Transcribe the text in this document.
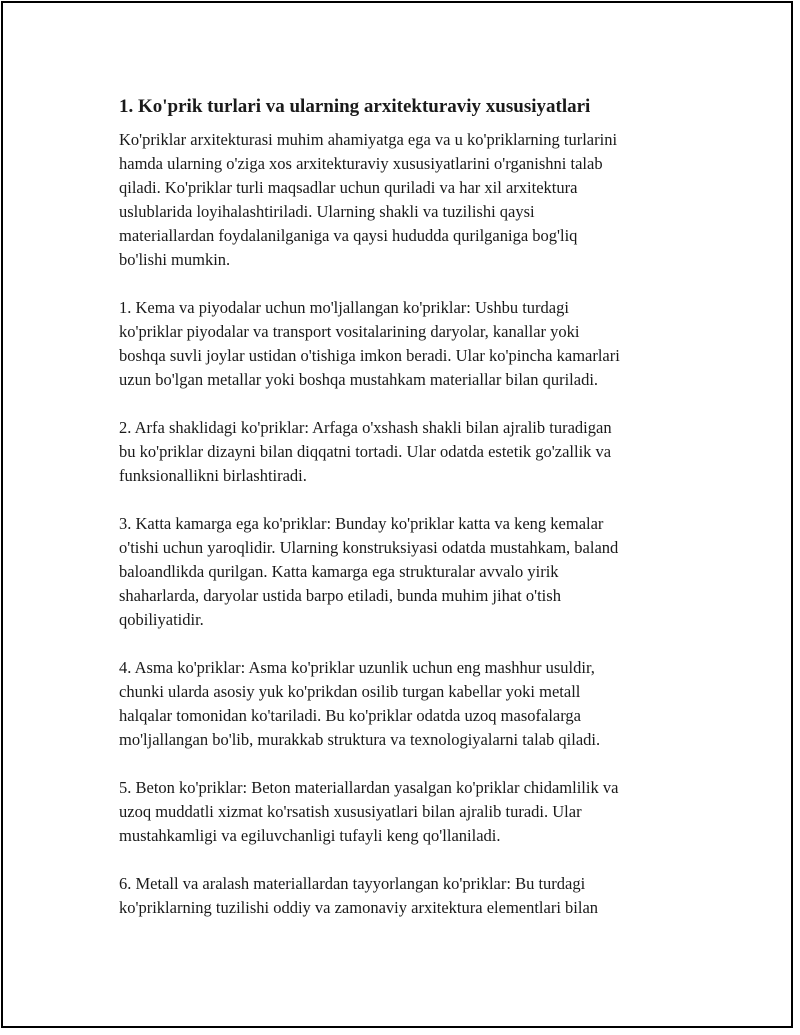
1. Ko'prik turlari va ularning arxitekturaviy xususiyatlari
Ko'priklar arxitekturasi muhim ahamiyatga ega va u ko'priklarning turlarini
hamda ularning o'ziga xos arxitekturaviy xususiyatlarini o'rganishni talab
qiladi. Ko'priklar turli maqsadlar uchun quriladi va har xil arxitektura
uslublarida loyihalashtiriladi. Ularning shakli va tuzilishi qaysi
materiallardan foydalanilganiga va qaysi hududda qurilganiga bog'liq
bo'lishi mumkin.
1. Kema va piyodalar uchun mo'ljallangan ko'priklar: Ushbu turdagi
ko'priklar piyodalar va transport vositalarining daryolar, kanallar yoki
boshqa suvli joylar ustidan o'tishiga imkon beradi. Ular ko'pincha kamarlari
uzun bo'lgan metallar yoki boshqa mustahkam materiallar bilan quriladi.
2. Arfa shaklidagi ko'priklar: Arfaga o'xshash shakli bilan ajralib turadigan
bu ko'priklar dizayni bilan diqqatni tortadi. Ular odatda estetik go'zallik va
funksionallikni birlashtiradi.
3. Katta kamarga ega ko'priklar: Bunday ko'priklar katta va keng kemalar
o'tishi uchun yaroqlidir. Ularning konstruksiyasi odatda mustahkam, baland
baloandlikda qurilgan. Katta kamarga ega strukturalar avvalo yirik
shaharlarda, daryolar ustida barpo etiladi, bunda muhim jihat o'tish
qobiliyatidir.
4. Asma ko'priklar: Asma ko'priklar uzunlik uchun eng mashhur usuldir,
chunki ularda asosiy yuk ko'prikdan osilib turgan kabellar yoki metall
halqalar tomonidan ko'tariladi. Bu ko'priklar odatda uzoq masofalarga
mo'ljallangan bo'lib, murakkab struktura va texnologiyalarni talab qiladi.
5. Beton ko'priklar: Beton materiallardan yasalgan ko'priklar chidamlilik va
uzoq muddatli xizmat ko'rsatish xususiyatlari bilan ajralib turadi. Ular
mustahkamligi va egiluvchanligi tufayli keng qo'llaniladi.
6. Metall va aralash materiallardan tayyorlangan ko'priklar: Bu turdagi
ko'priklarning tuzilishi oddiy va zamonaviy arxitektura elementlari bilan
